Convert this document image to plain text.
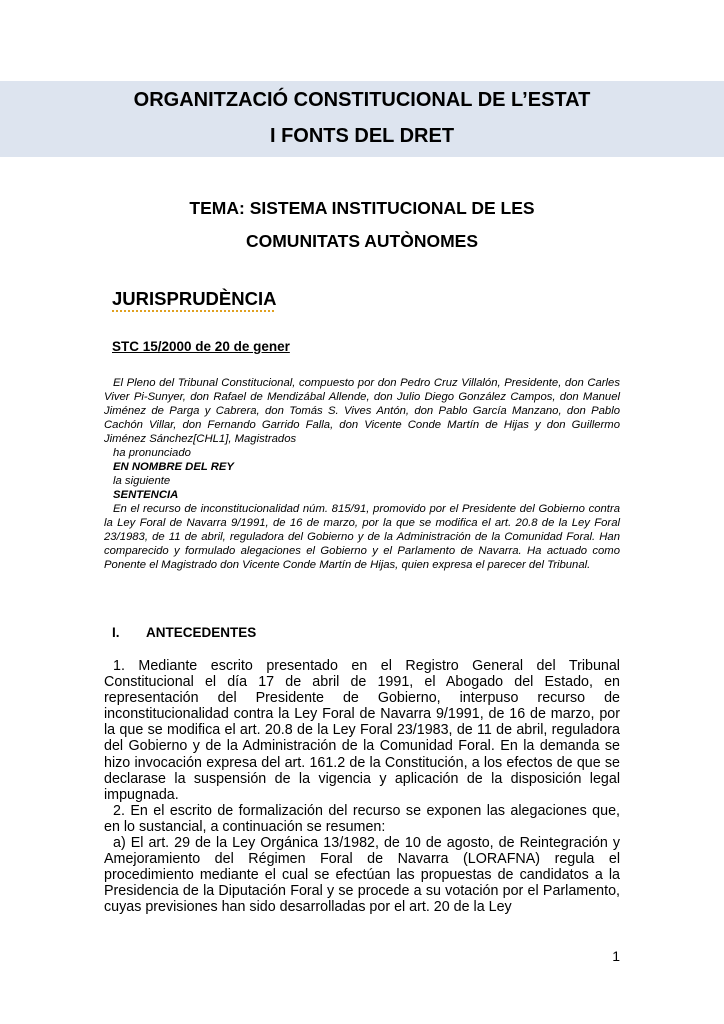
ORGANITZACIÓ CONSTITUCIONAL DE L’ESTAT
I FONTS DEL DRET
TEMA: SISTEMA INSTITUCIONAL DE LES
COMUNITATS AUTÒNOMES
JURISPRUDÈNCIA
STC 15/2000 de 20 de gener

El Pleno del Tribunal Constitucional, compuesto por don Pedro Cruz Villalón, Presidente, don Carles Viver Pi-Sunyer, don Rafael de Mendizábal Allende, don Julio Diego González Campos, don Manuel Jiménez de Parga y Cabrera, don Tomás S. Vives Antón, don Pablo García Manzano, don Pablo Cachón Villar, don Fernando Garrido Falla, don Vicente Conde Martín de Hijas y don Guillermo Jiménez Sánchez[CHL1], Magistrados

ha pronunciado

EN NOMBRE DEL REY

la siguiente

SENTENCIA

En el recurso de inconstitucionalidad núm. 815/91, promovido por el Presidente del Gobierno contra la Ley Foral de Navarra 9/1991, de 16 de marzo, por la que se modifica el art. 20.8 de la Ley Foral 23/1983, de 11 de abril, reguladora del Gobierno y de la Administración de la Comunidad Foral. Han comparecido y formulado alegaciones el Gobierno y el Parlamento de Navarra. Ha actuado como Ponente el Magistrado don Vicente Conde Martín de Hijas, quien expresa el parecer del Tribunal.

I. ANTECEDENTES

1. Mediante escrito presentado en el Registro General del Tribunal Constitucional el día 17 de abril de 1991, el Abogado del Estado, en representación del Presidente de Gobierno, interpuso recurso de inconstitucionalidad contra la Ley Foral de Navarra 9/1991, de 16 de marzo, por la que se modifica el art. 20.8 de la Ley Foral 23/1983, de 11 de abril, reguladora del Gobierno y de la Administración de la Comunidad Foral. En la demanda se hizo invocación expresa del art. 161.2 de la Constitución, a los efectos de que se declarase la suspensión de la vigencia y aplicación de la disposición legal impugnada.

2. En el escrito de formalización del recurso se exponen las alegaciones que, en lo sustancial, a continuación se resumen:

a) El art. 29 de la Ley Orgánica 13/1982, de 10 de agosto, de Reintegración y Amejoramiento del Régimen Foral de Navarra (LORAFNA) regula el procedimiento mediante el cual se efectúan las propuestas de candidatos a la Presidencia de la Diputación Foral y se procede a su votación por el Parlamento, cuyas previsiones han sido desarrolladas por el art. 20 de la Ley

1
